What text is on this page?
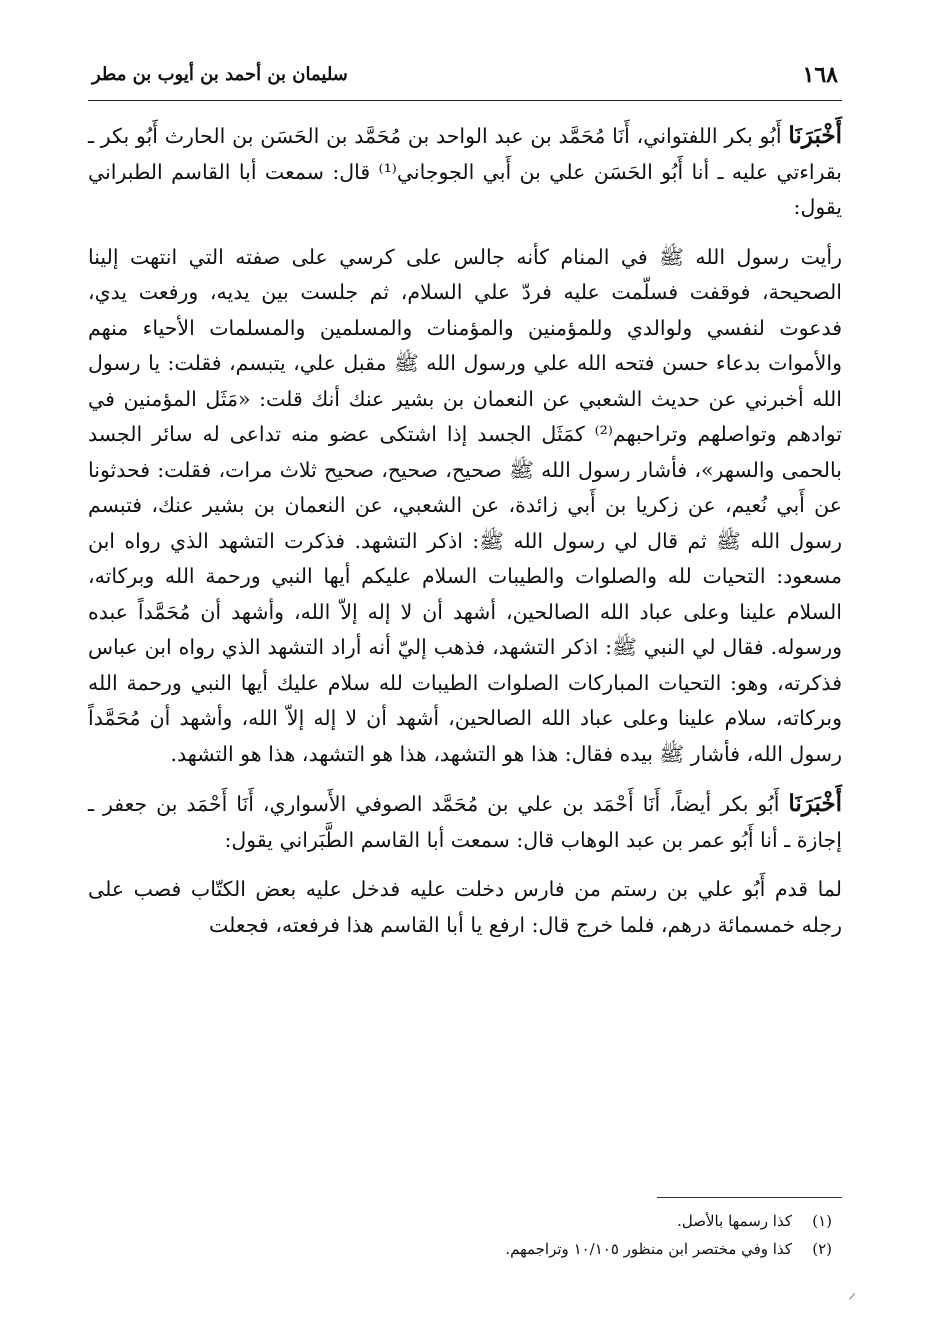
١٦٨
سليمان بن أحمد بن أيوب بن مطر

أَخْبَرَنَا أَبُو بكر اللفتواني، أَنَا مُحَمَّد بن عبد الواحد بن مُحَمَّد بن الحَسَن بن الحارث أَبُو بكر ـ بقراءتي عليه ـ أنا أَبُو الحَسَن علي بن أَبي الجوجاني⁽¹⁾ قال: سمعت أبا القاسم الطبراني يقول:

رأيت رسول الله ﷺ في المنام كأنه جالس على كرسي على صفته التي انتهت إلينا الصحيحة، فوقفت فسلّمت عليه فردّ علي السلام، ثم جلست بين يديه، ورفعت يدي، فدعوت لنفسي ولوالدي وللمؤمنين والمؤمنات والمسلمين والمسلمات الأحياء منهم والأموات بدعاء حسن فتحه الله علي ورسول الله ﷺ مقبل علي، يتبسم، فقلت: يا رسول الله أخبرني عن حديث الشعبي عن النعمان بن بشير عنك أنك قلت: «مَثَل المؤمنين في توادهم وتواصلهم وتراحبهم⁽²⁾ كمَثَل الجسد إذا اشتكى عضو منه تداعى له سائر الجسد بالحمى والسهر»، فأشار رسول الله ﷺ صحيح، صحيح، صحيح ثلاث مرات، فقلت: فحدثونا عن أَبي نُعيم، عن زكريا بن أَبي زائدة، عن الشعبي، عن النعمان بن بشير عنك، فتبسم رسول الله ﷺ ثم قال لي رسول الله ﷺ: اذكر التشهد. فذكرت التشهد الذي رواه ابن مسعود: التحيات لله والصلوات والطيبات السلام عليكم أيها النبي ورحمة الله وبركاته، السلام علينا وعلى عباد الله الصالحين، أشهد أن لا إله إلاّ الله، وأشهد أن مُحَمَّداً عبده ورسوله. فقال لي النبي ﷺ: اذكر التشهد، فذهب إليّ أنه أراد التشهد الذي رواه ابن عباس فذكرته، وهو: التحيات المباركات الصلوات الطيبات لله سلام عليك أيها النبي ورحمة الله وبركاته، سلام علينا وعلى عباد الله الصالحين، أشهد أن لا إله إلاّ الله، وأشهد أن مُحَمَّداً رسول الله، فأشار ﷺ بيده فقال: هذا هو التشهد، هذا هو التشهد، هذا هو التشهد.

أَخْبَرَنَا أَبُو بكر أيضاً، أَنَا أَحْمَد بن علي بن مُحَمَّد الصوفي الأَسواري، أَنَا أَحْمَد بن جعفر ـ إجازة ـ أنا أَبُو عمر بن عبد الوهاب قال: سمعت أبا القاسم الطَّبَراني يقول:

لما قدم أَبُو علي بن رستم من فارس دخلت عليه فدخل عليه بعض الكتّاب فصب على رجله خمسمائة درهم، فلما خرج قال: ارفع يا أبا القاسم هذا فرفعته، فجعلت

(١)كذا رسمها بالأصل.
(٢)كذا وفي مختصر ابن منظور ١٠/١٠٥ وتراجمهم.
